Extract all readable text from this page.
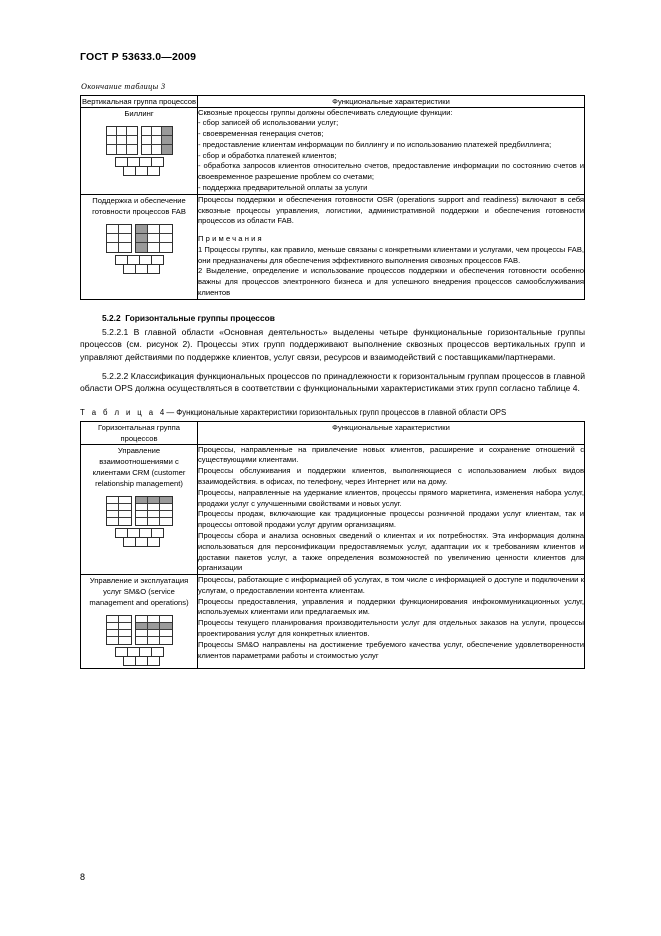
ГОСТ Р 53633.0—2009
Окончание таблицы 3
Вертикальная группа процессов	Функциональные характеристики

Биллинг	Сквозные процессы группы должны обеспечивать следующие функции:

- сбор записей об использовании услуг;

- своевременная генерация счетов;

- предоставление клиентам информации по биллингу и по использованию платежей предбиллинга;

- сбор и обработка платежей клиентов;

- обработка запросов клиентов относительно счетов, предоставление информации по состоянию счетов и своевременное разрешение проблем со счетами;

- поддержка предварительной оплаты за услуги

Поддержка и обеспечение готовности процессов FAB	Процессы поддержки и обеспечения готовности OSR (operations support and readiness) включают в себя сквозные процессы управления, логистики, административной поддержки и обеспечения готовности процессов из области FAB.

Примечания

1 Процессы группы, как правило, меньше связаны с конкретными клиентами и услугами, чем процессы FAB, они предназначены для обеспечения эффективного выполнения сквозных процессов FAB.

2 Выделение, определение и использование процессов поддержки и обеспечения готовности особенно важны для процессов электронного бизнеса и для успешного внедрения процессов самообслуживания клиентов

5.2.2 Горизонтальные группы процессов

5.2.2.1 В главной области «Основная деятельность» выделены четыре функциональные горизонтальные группы процессов (см. рисунок 2). Процессы этих групп поддерживают выполнение сквозных процессов вертикальных групп и управляют действиями по поддержке клиентов, услуг связи, ресурсов и взаимодействий с поставщиками/партнерами.

5.2.2.2 Классификация функциональных процессов по принадлежности к горизонтальным группам процессов в главной области OPS должна осуществляться в соответствии с функциональными характеристиками этих групп согласно таблице 4.

Т а б л и ц а 4 — Функциональные характеристики горизонтальных групп процессов в главной области OPS
Горизонтальная группа процессов	Функциональные характеристики

Управление взаимоотношениями с клиентами CRM (customer relationship management)	Процессы, направленные на привлечение новых клиентов, расширение и сохранение отношений с существующими клиентами.

Процессы обслуживания и поддержки клиентов, выполняющиеся с использованием любых видов взаимодействия. в офисах, по телефону, через Интернет или на дому.

Процессы, направленные на удержание клиентов, процессы прямого маркетинга, изменения набора услуг, продажи услуг с улучшенными свойствами и новых услуг.

Процессы продаж, включающие как традиционные процессы розничной продажи услуг клиентам, так и процессы оптовой продажи услуг другим организациям.

Процессы сбора и анализа основных сведений о клиентах и их потребностях. Эта информация должна использоваться для персонификации предоставляемых услуг, адаптации их к требованиям клиентов и доставки пакетов услуг, а также определения возможностей по увеличению ценности клиентов для организации

Управление и эксплуатация услуг SM&O (service management and operations)	Процессы, работающие с информацией об услугах, в том числе с информацией о доступе и подключении к услугам, о предоставлении контента клиентам.

Процессы предоставления, управления и поддержки функционирования инфокоммуникационных услуг, используемых клиентами или предлагаемых им.

Процессы текущего планирования производительности услуг для отдельных заказов на услуги, процессы проектирования услуг для конкретных клиентов.

Процессы SM&O направлены на достижение требуемого качества услуг, обеспечение удовлетворенности клиентов параметрами работы и стоимостью услуг

8
